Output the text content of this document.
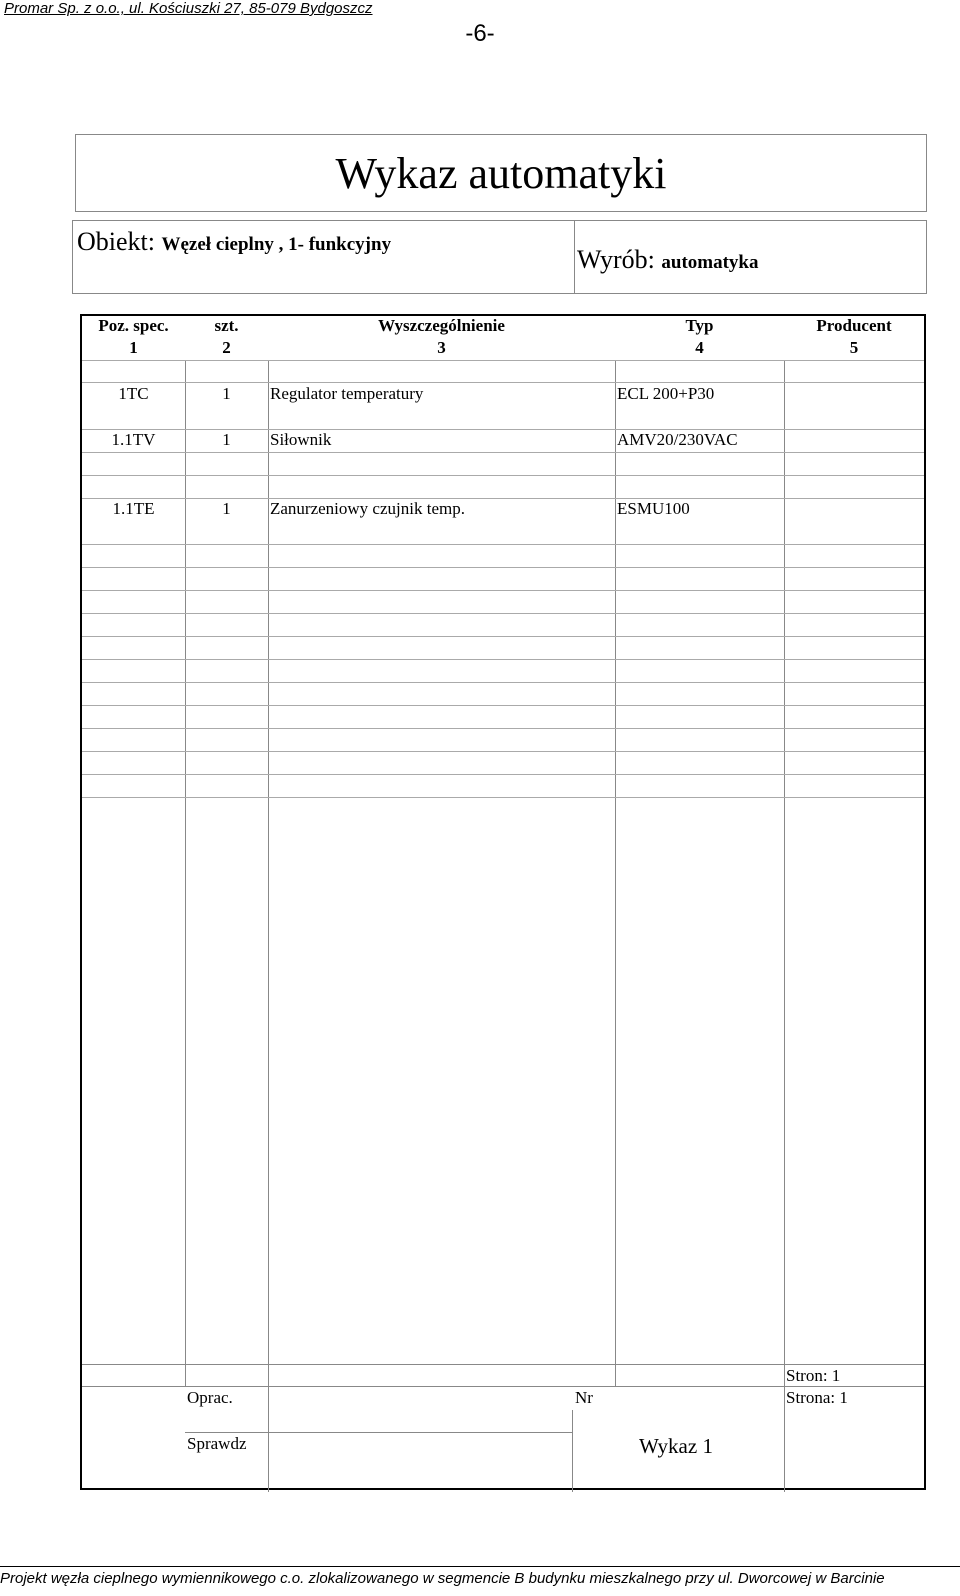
Promar Sp. z o.o., ul. Kościuszki 27, 85-079 Bydgoszcz
-6-
Wykaz automatyki
Obiekt: Węzeł cieplny , 1- funkcyjny
Wyrób: automatyka
Poz. spec.	szt.	Wyszczególnienie	Typ	Producent
1	2	3	4	5
1TC	1	Regulator temperatury	ECL 200+P30
1.1TV	1	Siłownik	AMV20/230VAC
1.1TE	1	Zanurzeniowy czujnik temp.	ESMU100
Stron: 1
Oprac.	Nr	Strona: 1
Sprawdz	Wykaz 1
Projekt węzła cieplnego wymiennikowego c.o. zlokalizowanego w segmencie B budynku mieszkalnego przy ul. Dworcowej w Barcinie
